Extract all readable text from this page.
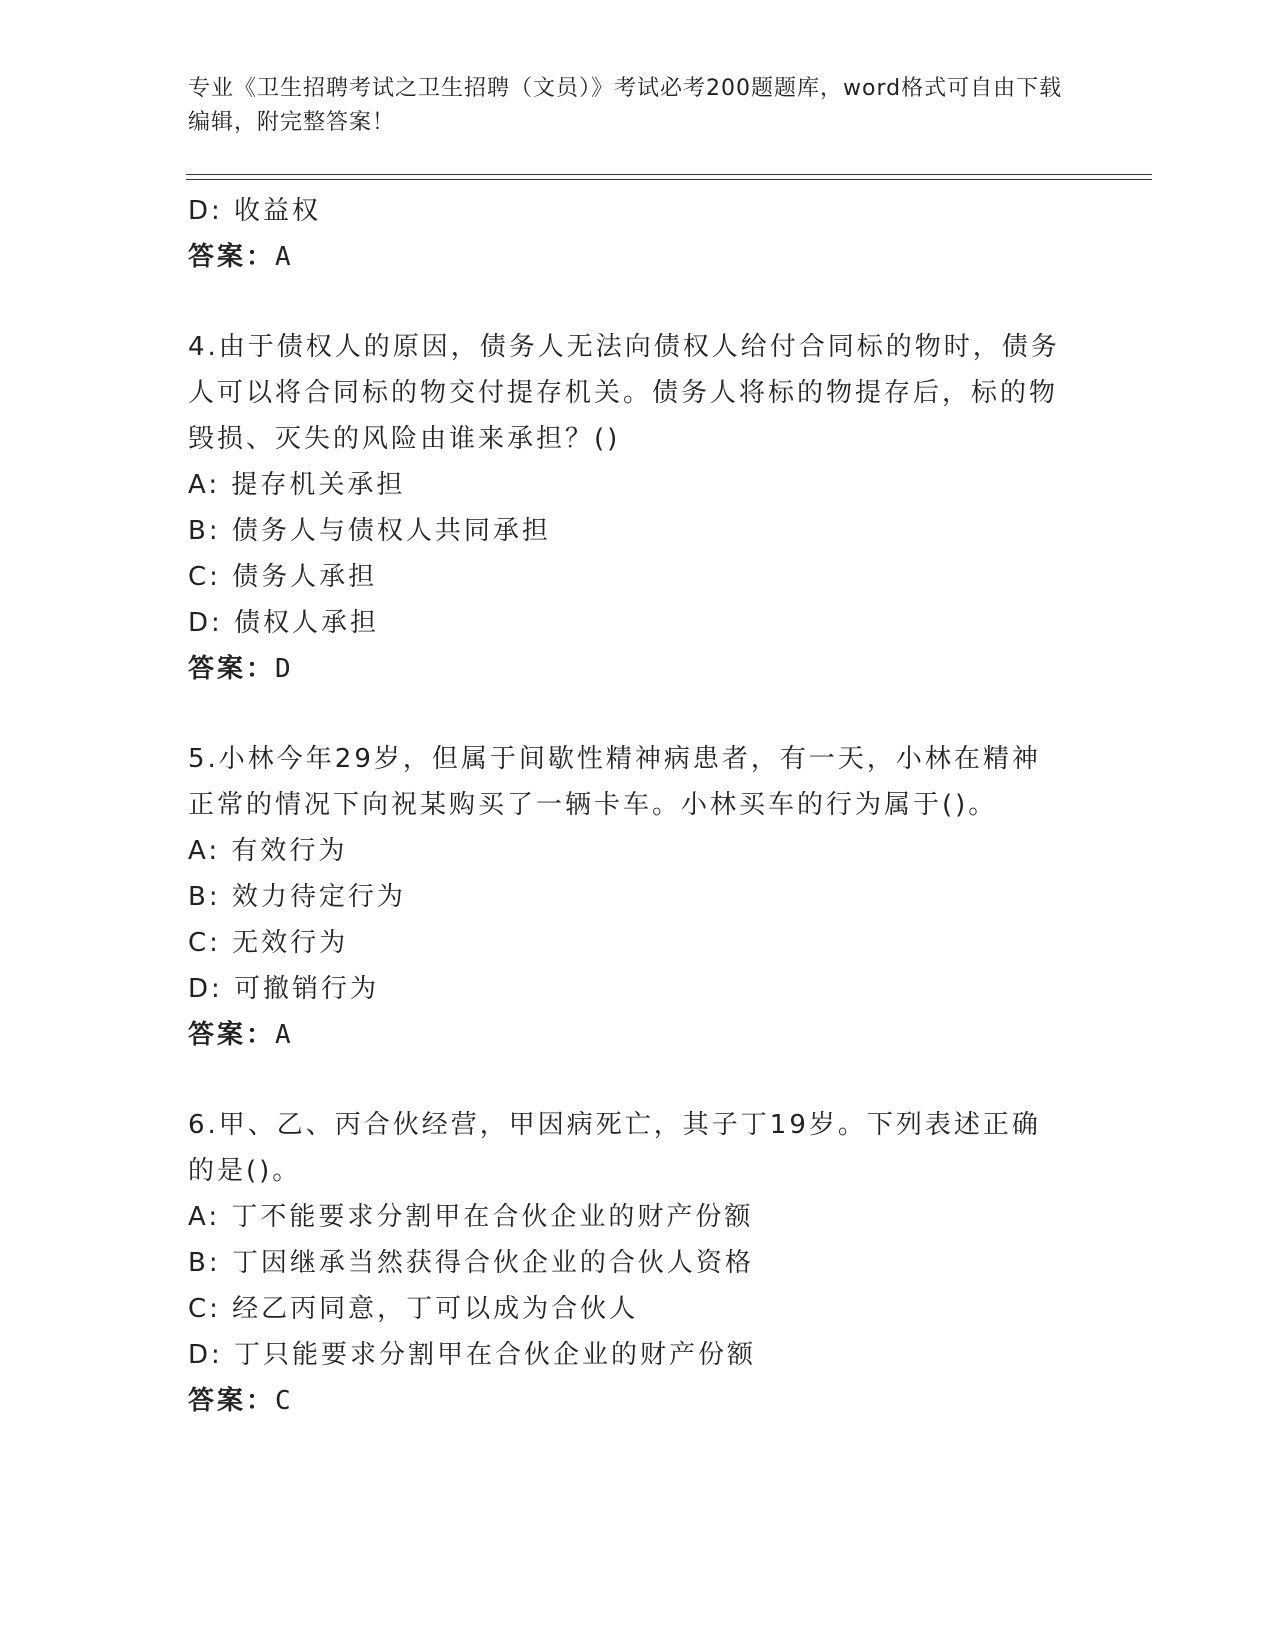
专业《卫生招聘考试之卫生招聘（文员）》考试必考200题题库，word格式可自由下载编辑，附完整答案！
D: 收益权
答案：A
4.由于债权人的原因，债务人无法向债权人给付合同标的物时，债务人可以将合同标的物交付提存机关。债务人将标的物提存后，标的物毁损、灭失的风险由谁来承担？()
A: 提存机关承担
B: 债务人与债权人共同承担
C: 债务人承担
D: 债权人承担
答案：D
5.小林今年29岁，但属于间歇性精神病患者，有一天，小林在精神正常的情况下向祝某购买了一辆卡车。小林买车的行为属于()。
A: 有效行为
B: 效力待定行为
C: 无效行为
D: 可撤销行为
答案：A
6.甲、乙、丙合伙经营，甲因病死亡，其子丁19岁。下列表述正确的是()。
A: 丁不能要求分割甲在合伙企业的财产份额
B: 丁因继承当然获得合伙企业的合伙人资格
C: 经乙丙同意，丁可以成为合伙人
D: 丁只能要求分割甲在合伙企业的财产份额
答案：C
